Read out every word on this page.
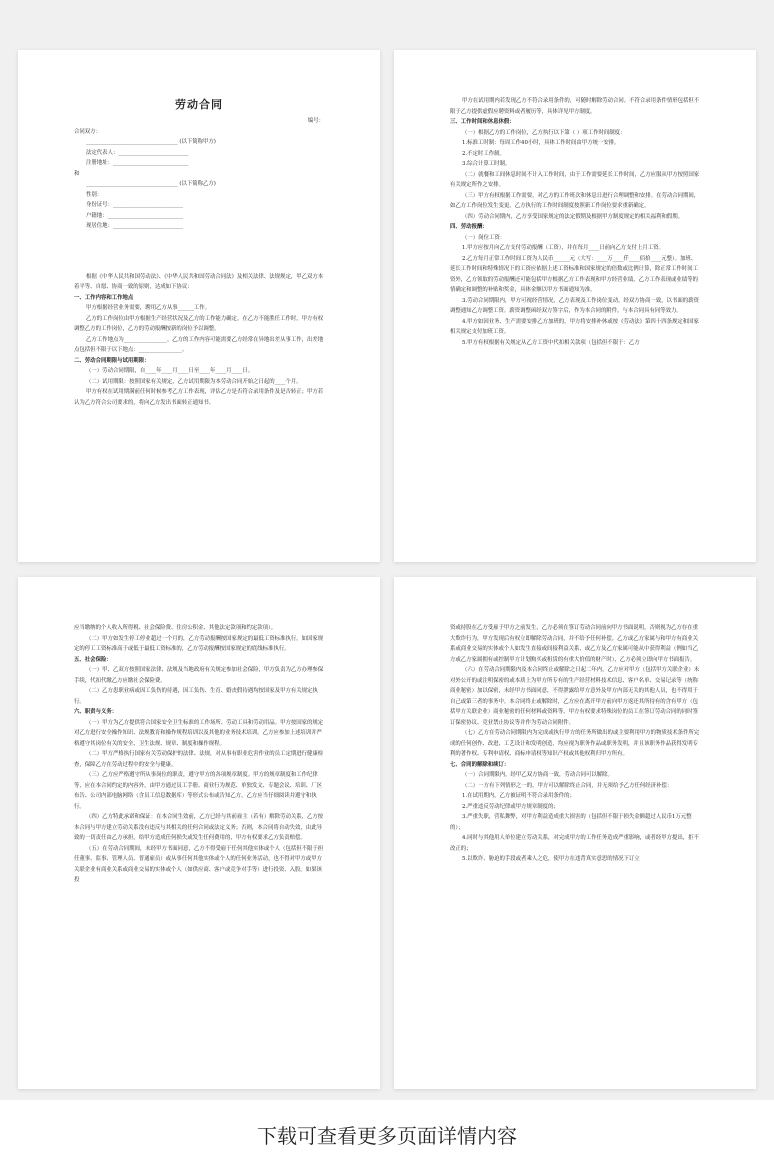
劳动合同

编号：

合同双方：

__________________________________ (以下简称甲方)

法定代表人：__________________________

注册地址：____________________________

和

__________________________________ (以下简称乙方)

性别：

身份证号：__________________________

户籍地：____________________________

现居住地：__________________________

根据《中华人民共和国劳动法》、《中华人民共和国劳动合同法》及相关法律、法规规定，甲乙双方本着平等、自愿、协商一致的原则，达成如下协议：

一、工作内容和工作地点

甲方根据经营业务需要，聘用乙方从事______工作。

乙方的工作岗位由甲方根据生产经营状况及乙方的工作能力确定。在乙方不能胜任工作时，甲方有权调整乙方的工作岗位，乙方的劳动报酬按新的岗位予以调整。

乙方工作地点为________________。乙方的工作内容可能需要乙方经常在异地出差从事工作，出差地点包括但不限于以下地点：________________。

二、劳动合同期限与试用期限：

（一）劳动合同期限，自____年____月____日至____年____月____日。

（二）试用期限：按照国家有关规定，乙方试用期限为本劳动合同开始之日起的____个月。

甲方有权在试用期满前任何时候参考乙方工作表现，评估乙方是否符合录用条件及是否转正；甲方若认为乙方符合公司要求的，将向乙方发出书面转正通知书。

甲方在试用期内若发现乙方不符合录用条件的，可随时解除劳动合同。不符合录用条件情形包括但不限于乙方提供虚假应聘资料或者履历等，具体详见甲方制度。

三、工作时间和休息休假：

（一）根据乙方的工作岗位，乙方执行以下第（ ）项工作时间制度：

1.标准工时制：每周工作40小时，具体工作时间由甲方统一安排。

2.不定时工作制。

3.综合计算工时制。

（二）就餐和工间休息时间不计入工作时间，由于工作需要延长工作时间，乙方应服从甲方按照国家有关规定所作之安排。

（三）甲方有权根据工作需要，对乙方的工作班次和休息日进行合理调整和安排。在劳动合同期间，如乙方工作岗位发生变更，乙方执行的工作时间制度按照新工作岗位要求重新确定。

（四）劳动合同期内，乙方享受国家规定的法定假期及根据甲方制度规定的相关福利和假期。

四、劳动报酬：

（一）岗位工资：

1.甲方应按月向乙方支付劳动报酬（工资），并在每月____日前向乙方支付上月工资。

2.乙方每月正常工作时间工资为人民币______元（大写：____万____仟____佰拾____元整）。加班、延长工作时间和特殊情况下的工资应依据上述工资标准和国家规定的倍数或比例计算，除正常工作时间工资外，乙方领取的劳动报酬还可能包括甲方根据乙方工作表现和甲方经营业绩，乙方工作表现或业绩等的情确定和调整的补贴和奖金，具体金额以甲方书面通知为准。

3.劳动合同期限内，甲方可视经营情况，乙方表现及工作岗位变动，经双方协商一致，以书面的薪资调整通知乙方调整工资。薪资调整函经双方签字后，作为本合同的附件，与本合同具有同等效力。

4.甲方如因业务、生产需要安排乙方加班的，甲方将安排补休或按《劳动法》第四十四条规定和国家相关规定支付加班工资。

5.甲方有权根据有关规定从乙方工资中代扣相关款项（包括但不限于：乙方

应当缴纳的个人收入所得税、社会保险费、住房公积金、其他法定款项和约定款项）。

（二）甲方如发生停工停业超过一个月的，乙方劳动报酬按国家规定的最低工资标准执行。如国家规定的停工工资标准高于或低于最低工资标准的，乙方劳动报酬按国家规定的底线标准执行。

五、社会保险：

（一）甲、乙双方按照国家法律、法规及当地政府有关规定参加社会保险，甲方负责为乙方办理参保手续，代扣代缴乙方应缴社会保险费。

（二）乙方患职业病或因工负伤的待遇，因工负伤、生育、婚丧假待遇均按国家及甲方有关规定执行。

六、职责与义务：

（一）甲方为乙方提供符合国家安全卫生标准的工作场所、劳动工具和劳动用品。甲方按国家的规定对乙方进行安全操作知识、法规教育和操作规程培训以及其他的业务技术培训。乙方应参加上述培训并严格遵守其岗位有关的安全、卫生法规、规章、制度和操作规程。

（二）甲方严格执行国家有关劳动保护的法律、法规，对从事有职业危害作业的员工定期进行健康检查，保障乙方在劳动过程中的安全与健康。

（三）乙方应严格遵守所从事岗位的职责，遵守甲方的各项规章制度。甲方的规章制度和工作纪律等，应在本合同约定的内容外，由甲方通过员工手册、商业行为规范、单独发文、专题会议、培训、厂区布告、公司内部电脑网络（含员工信息数据库）等形式公布或告知乙方，乙方应当仔细阅读并遵守和执行。

（四）乙方特此承诺和保证：在本合同生效前，乙方已经与其前雇主（若有）解除劳动关系，乙方按本合同与甲方建立劳动关系没有违反与其相关的任何合同或法定义务；否则，本合同将自动失效，由此导致的一切责任由乙方承担，给甲方造成任何损失或发生任何费用的，甲方有权要求乙方负责赔偿。

（五）在劳动合同期间，未经甲方书面同意，乙方不得受雇于任何其他实体或个人（包括但不限于担任董事、监事、管理人员、普通雇员）或从事任何其他实体或个人的任何业务活动，也不得对甲方或甲方关联企业有商业关系或商业交易的实体或个人（如供应商、客户或竞争对手等）进行投资、入股。如果该投

资或持股在乙方受雇于甲方之前发生，乙方必须在签订劳动合同前向甲方书面说明，否则视为乙方存在重大欺诈行为，甲方发现后有权立即解除劳动合同，并不给予任何补偿。乙方或乙方家属与和甲方有商业关系或商业交易的实体或个人如发生直接或间接利益关系，或乙方及乙方家属可能从中获得利益（例如当乙方或乙方家属拥有或控制甲方计划购买或租赁的有重大价值的财产时），乙方必须立即向甲方书面报告。

（六）在劳动合同期限内及本合同终止或解除之日起二年内，乙方应对甲方（包括甲方关联企业）未对外公开的或注明保密的或本质上为甲方所专有的生产经营材料技术信息、客户名单、交易记录等（统称商业秘密）加以保密，未经甲方书面同意，不得泄露给甲方意外及甲方内部无关的其他人员，也不得用于自己或第三者的事务中。本合同终止或解除时，乙方应在离开甲方前向甲方返还其所持有的含有甲方（包括甲方关联企业）商业秘密的任何材料或资料等。甲方有权要求特殊岗位的员工在签订劳动合同的同时签订保密协议、竞业禁止协议等并作为劳动合同附件。

（七）乙方在劳动合同期限内为完成或执行甲方的任务所做出的或主要利用甲方的物质技术条件所完成的任何创作、改进、工艺设计和发明创造，均应视为职务作品或职务发明，并且该职务作品获得发明专利的著作权、专利申请权、商标申请权等知识产权或其他权利归甲方所有。

七、合同的解除和续订：

（一）合同期限内，经甲乙双方协商一致，劳动合同可以解除。

（二）一方有下列情形之一的，甲方可以解除终止合同，并无须给予乙方任何经济补偿：

1.在试用期内，乙方被证明不符合录用条件的；

2.严重违反劳动纪律或甲方规章制度的；

3.严重失职，营私舞弊，对甲方利益造成重大损害的（包括但不限于损失金额超过人民币1万元整的）；

4.同时与其他用人单位建立劳动关系，对完成甲方的工作任务造成严重影响，或者经甲方提出，拒不改正的；

5.以欺诈、胁迫的手段或者乘人之危，使甲方在违背真实意思的情况下订立

下载可查看更多页面详情内容
